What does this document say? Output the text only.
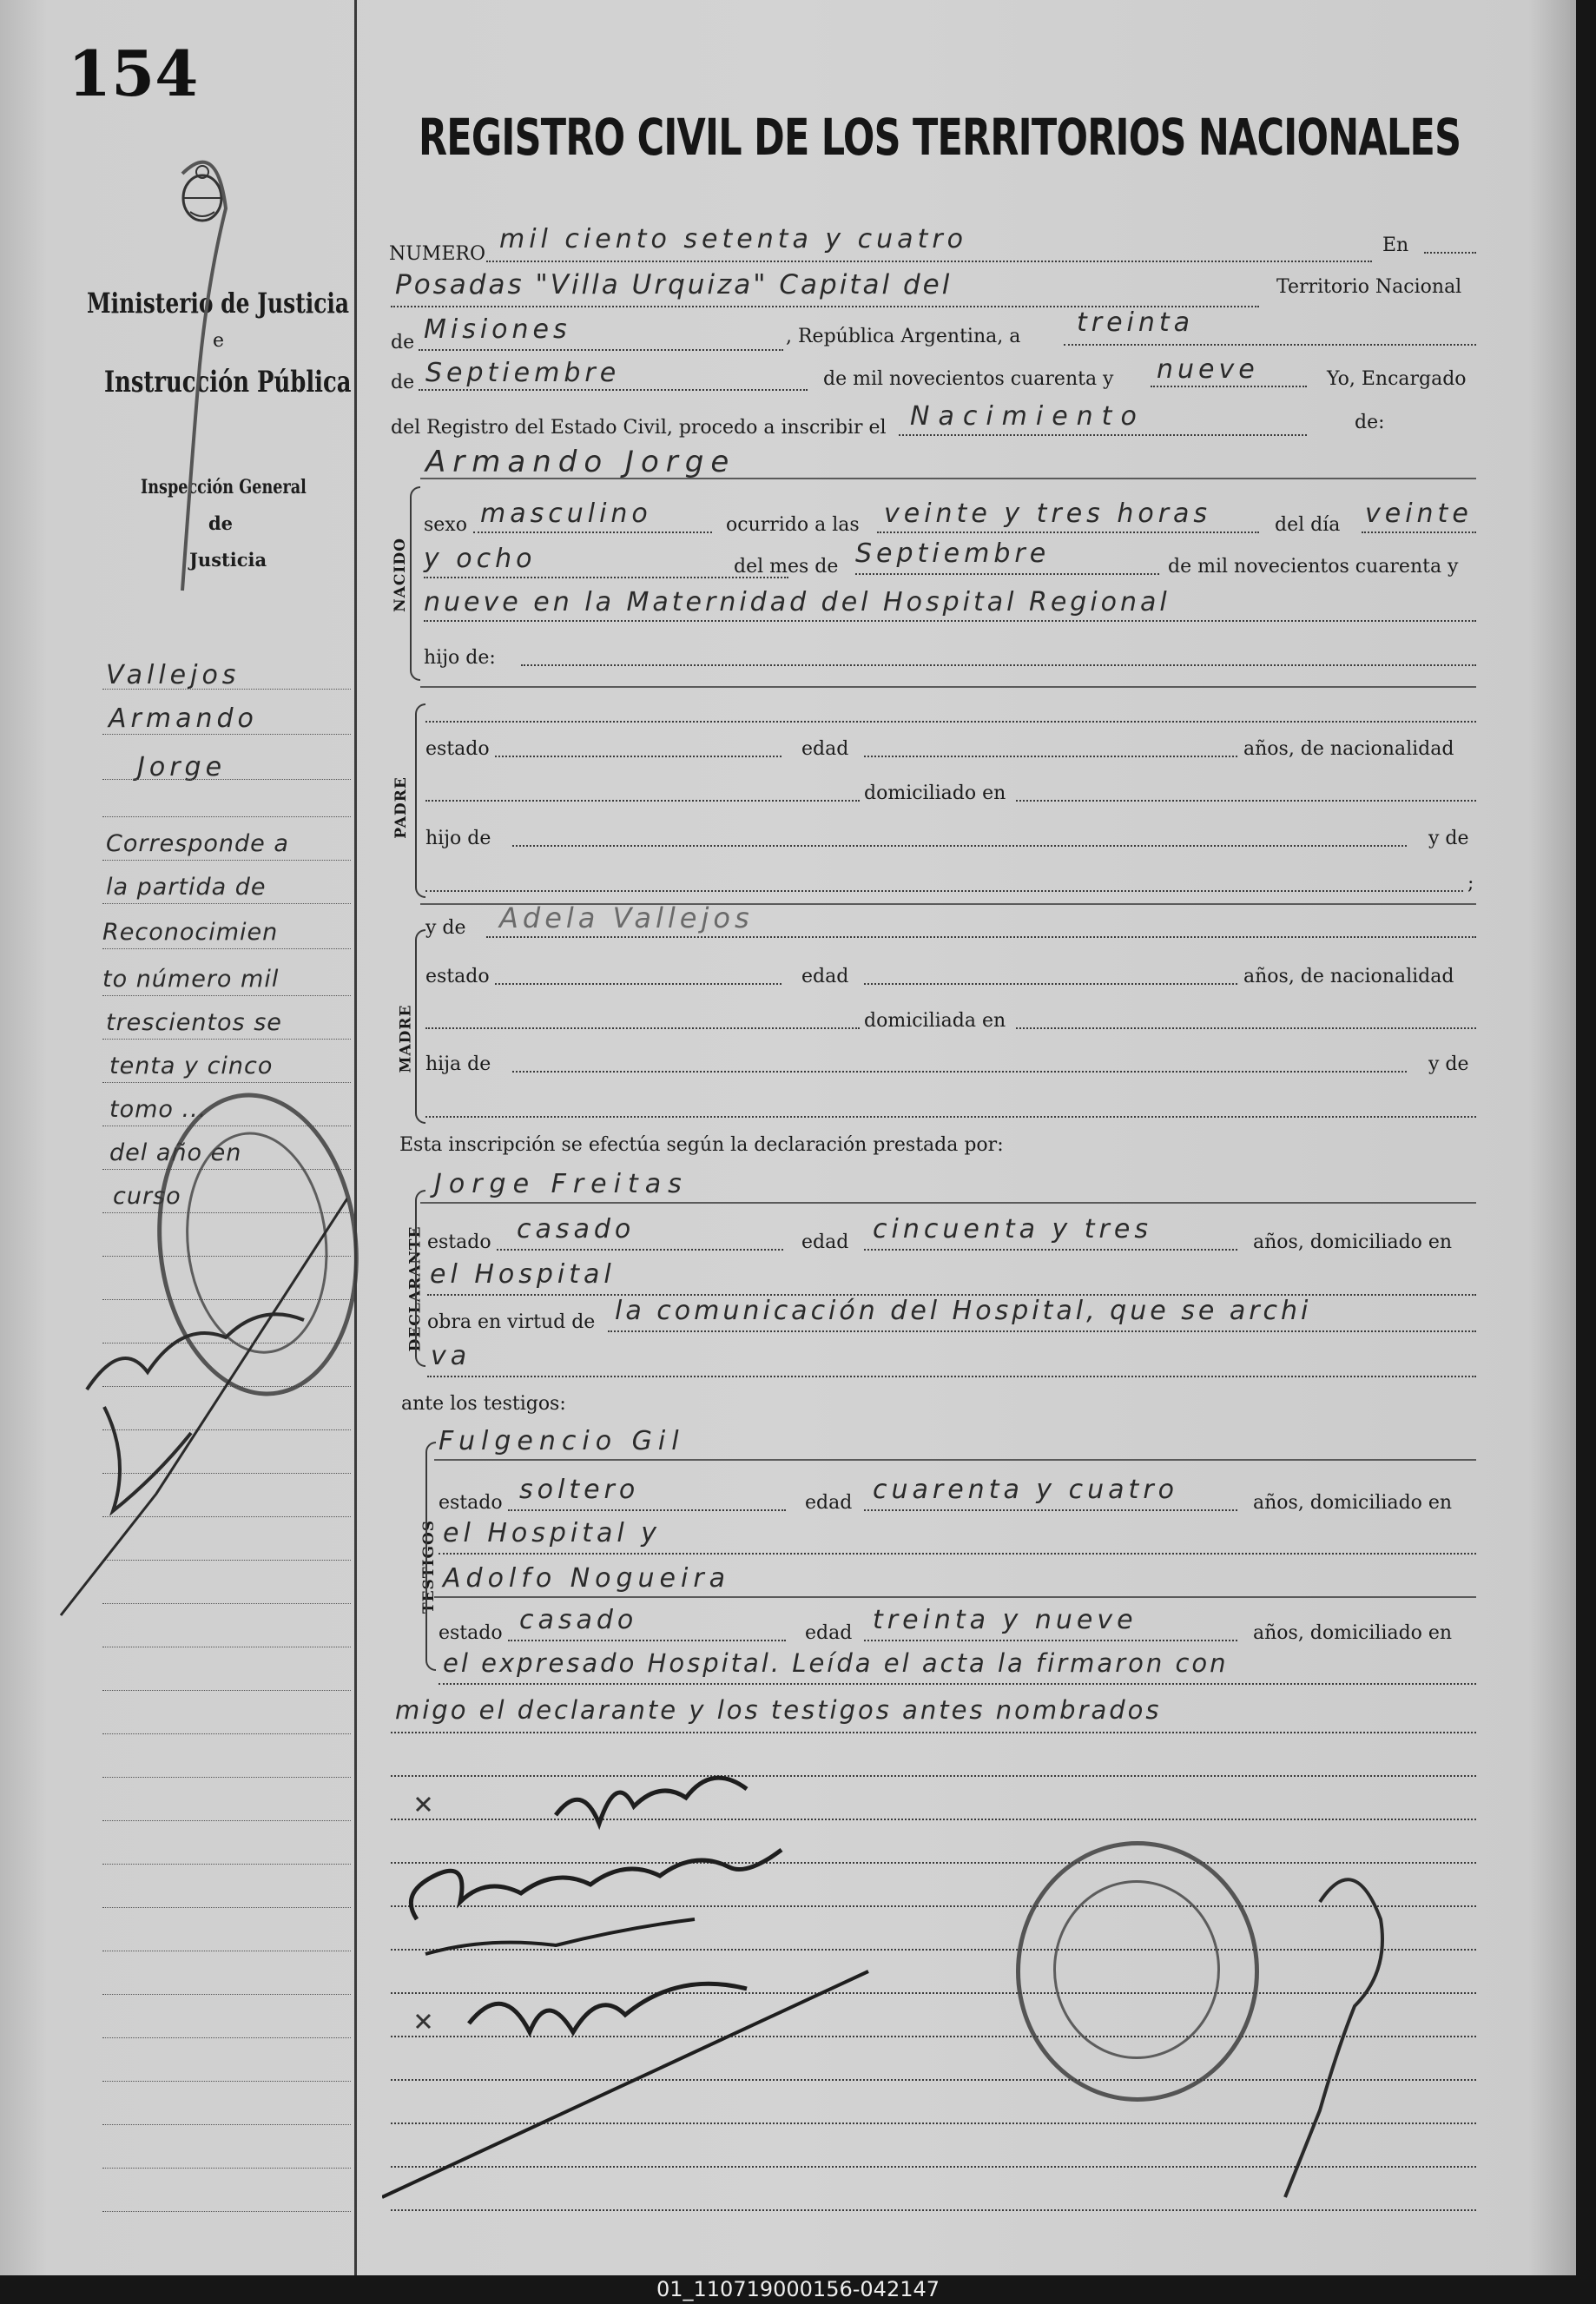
154
Ministerio de Justicia
e
Instrucción Pública
Inspección General
de
Justicia
Vallejos
Armando
Jorge
Corresponde a
la partida de
Reconocimien
to número mil
trescientos se
tenta y cinco
tomo ...
del año en
curso
REGISTRO CIVIL DE LOS TERRITORIOS NACIONALES
NUMERO mil ciento setenta y cuatro	En
Posadas "Villa Urquiza" Capital del	Territorio Nacional
de Misiones	, República Argentina, a treinta
de Septiembre	de mil novecientos cuarenta y nueve	Yo, Encargado
del Registro del Estado Civil, procedo a inscribir el Nacimiento	de:
NACIDO
Armando Jorge
sexo masculino	ocurrido a las veinte y tres horas	del día veinte
y ocho	del mes de Septiembre	de mil novecientos cuarenta y
nueve en la Maternidad del Hospital Regional
hijo de:
PADRE
estado	edad	años, de nacionalidad
domiciliado en
hijo de	y de
;
y de Adela Vallejos
MADRE
estado	edad	años, de nacionalidad
domiciliada en
hija de	y de
Esta inscripción se efectúa según la declaración prestada por:
DECLARANTE
Jorge Freitas
estado casado	edad cincuenta y tres	años, domiciliado en
el Hospital
obra en virtud de la comunicación del Hospital, que se archi
va
ante los testigos:
TESTIGOS
Fulgencio Gil
estado soltero	edad cuarenta y cuatro	años, domiciliado en
el Hospital y
Adolfo Nogueira
estado casado	edad treinta y nueve	años, domiciliado en
el expresado Hospital. Leída el acta la firmaron con
migo el declarante y los testigos antes nombrados
01_110719000156-042147
